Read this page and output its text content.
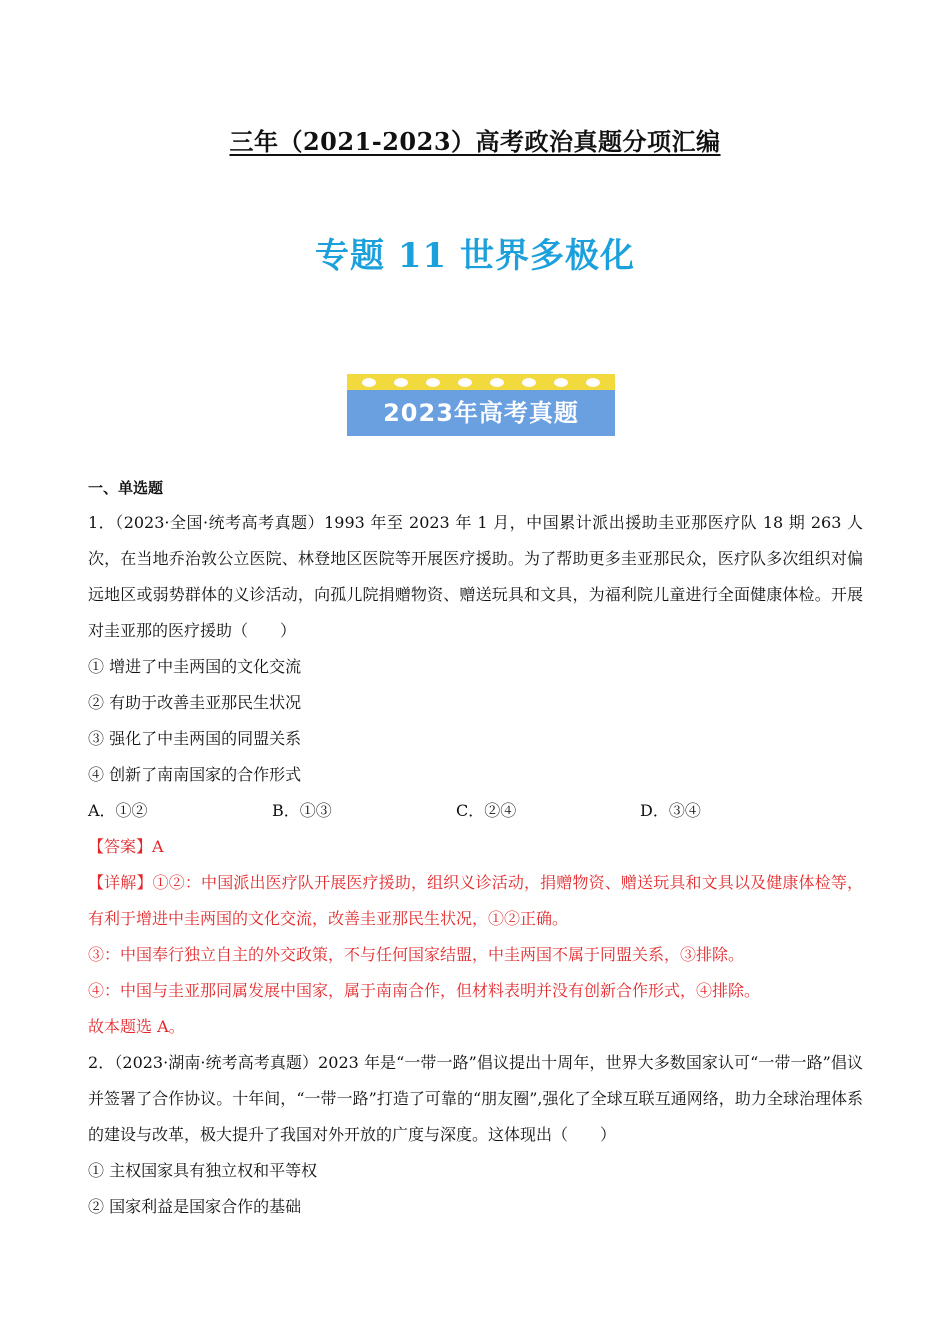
三年（2021-2023）高考政治真题分项汇编
专题 11 世界多极化
2023年高考真题
一、单选题
1．（2023·全国·统考高考真题）1993 年至 2023 年 1 月，中国累计派出援助圭亚那医疗队 18 期 263 人次，在当地乔治敦公立医院、林登地区医院等开展医疗援助。为了帮助更多圭亚那民众，医疗队多次组织对偏远地区或弱势群体的义诊活动，向孤儿院捐赠物资、赠送玩具和文具，为福利院儿童进行全面健康体检。开展对圭亚那的医疗援助（　　）
① 增进了中圭两国的文化交流
② 有助于改善圭亚那民生状况
③ 强化了中圭两国的同盟关系
④ 创新了南南国家的合作形式
A．①②	B．①③	C．②④	D．③④
【答案】A
【详解】①②：中国派出医疗队开展医疗援助，组织义诊活动，捐赠物资、赠送玩具和文具以及健康体检等，有利于增进中圭两国的文化交流，改善圭亚那民生状况，①②正确。
③：中国奉行独立自主的外交政策，不与任何国家结盟，中圭两国不属于同盟关系，③排除。
④：中国与圭亚那同属发展中国家，属于南南合作，但材料表明并没有创新合作形式，④排除。
故本题选 A。
2．（2023·湖南·统考高考真题）2023 年是“一带一路”倡议提出十周年，世界大多数国家认可“一带一路”倡议并签署了合作协议。十年间，“一带一路”打造了可靠的“朋友圈”,强化了全球互联互通网络，助力全球治理体系的建设与改革，极大提升了我国对外开放的广度与深度。这体现出（　　）
① 主权国家具有独立权和平等权
② 国家利益是国家合作的基础
